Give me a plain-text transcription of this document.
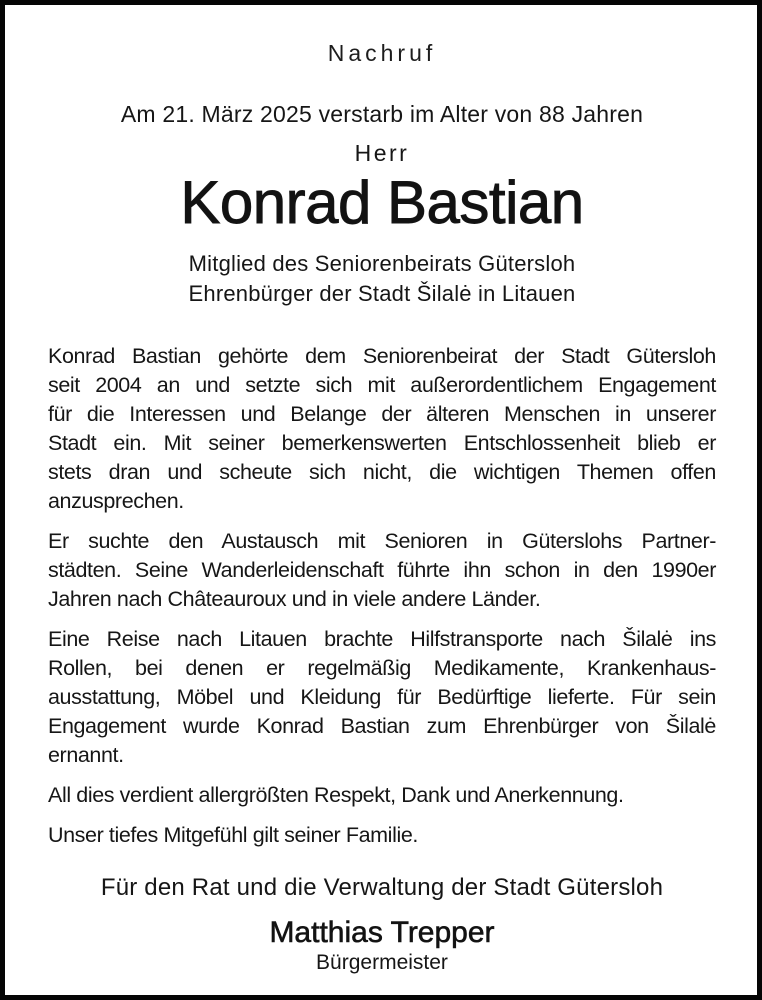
Nachruf
Am 21. März 2025 verstarb im Alter von 88 Jahren
Herr
Konrad Bastian
Mitglied des Seniorenbeirats Gütersloh
Ehrenbürger der Stadt Šilalė in Litauen
Konrad Bastian gehörte dem Seniorenbeirat der Stadt Gütersloh
seit 2004 an und setzte sich mit außerordentlichem Engagement
für die Interessen und Belange der älteren Menschen in unserer
Stadt ein. Mit seiner bemerkenswerten Entschlossenheit blieb er
stets dran und scheute sich nicht, die wichtigen Themen offen
anzusprechen.
Er suchte den Austausch mit Senioren in Güterslohs Partner-
städten. Seine Wanderleidenschaft führte ihn schon in den 1990er
Jahren nach Châteauroux und in viele andere Länder.
Eine Reise nach Litauen brachte Hilfstransporte nach Šilalė ins
Rollen, bei denen er regelmäßig Medikamente, Krankenhaus-
ausstattung, Möbel und Kleidung für Bedürftige lieferte. Für sein
Engagement wurde Konrad Bastian zum Ehrenbürger von Šilalė
ernannt.
All dies verdient allergrößten Respekt, Dank und Anerkennung.
Unser tiefes Mitgefühl gilt seiner Familie.
Für den Rat und die Verwaltung der Stadt Gütersloh
Matthias Trepper
Bürgermeister
